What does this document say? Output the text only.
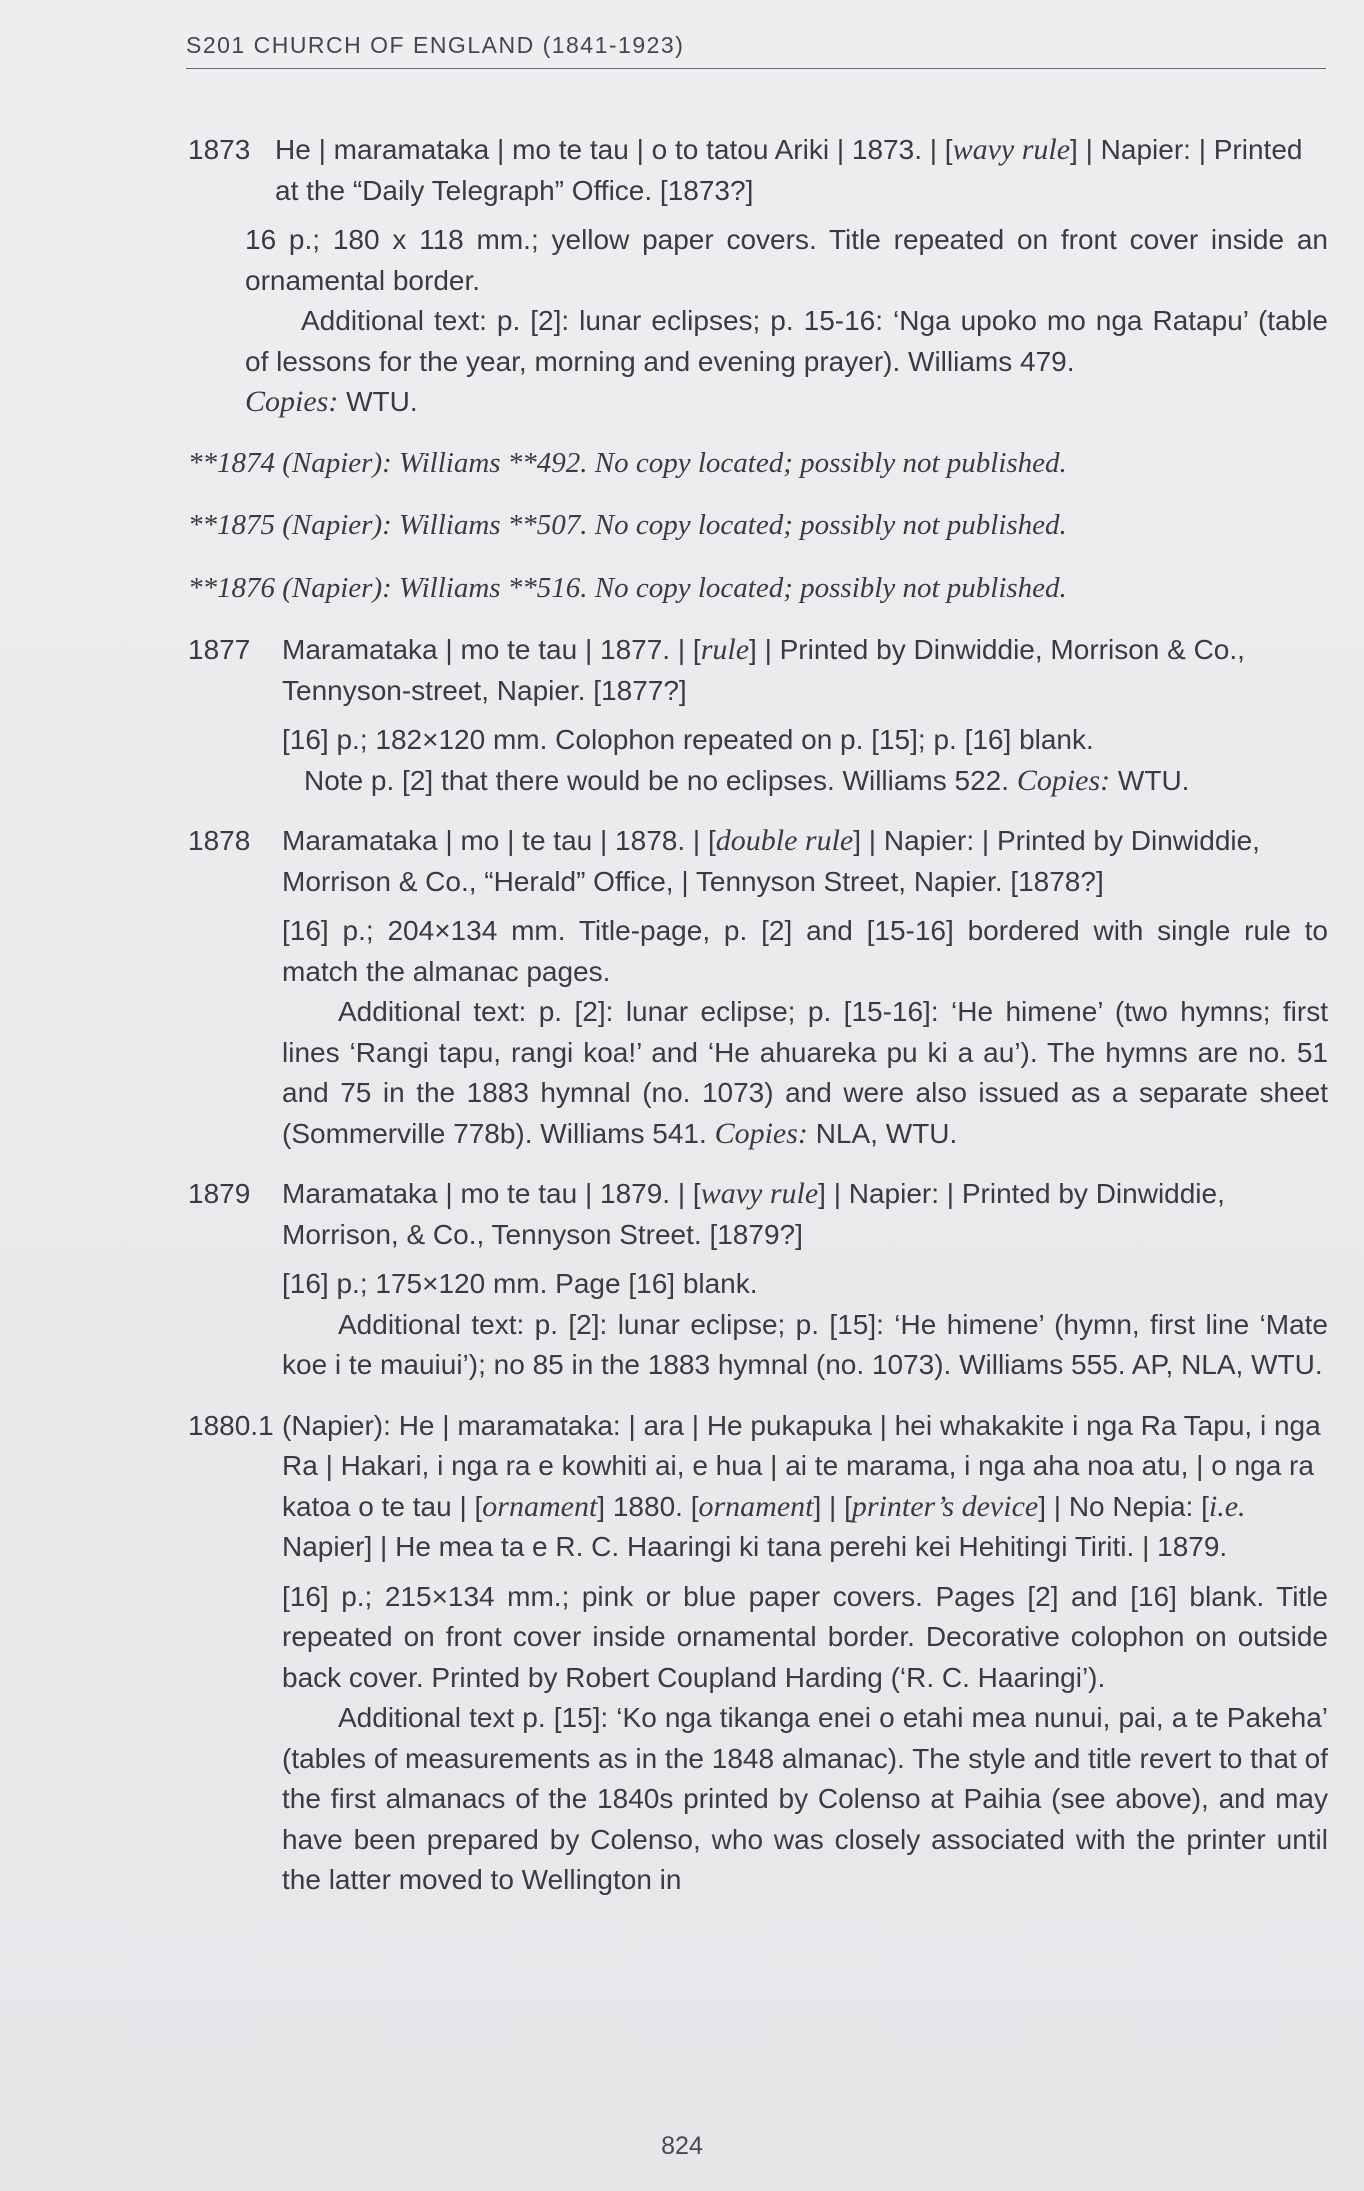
S201 CHURCH OF ENGLAND (1841-1923)
1873 He | maramataka | mo te tau | o to tatou Ariki | 1873. | [wavy rule] | Napier: | Printed at the “Daily Telegraph” Office. [1873?]

16 p.; 180 x 118 mm.; yellow paper covers. Title repeated on front cover inside an ornamental border.

Additional text: p. [2]: lunar eclipses; p. 15-16: ‘Nga upoko mo nga Ratapu’ (table of lessons for the year, morning and evening prayer). Williams 479.
Copies: WTU.

**1874 (Napier): Williams **492. No copy located; possibly not published.
**1875 (Napier): Williams **507. No copy located; possibly not published.
**1876 (Napier): Williams **516. No copy located; possibly not published.
1877 Maramataka | mo te tau | 1877. | [rule] | Printed by Dinwiddie, Morrison & Co., Tennyson-street, Napier. [1877?]

[16] p.; 182×120 mm. Colophon repeated on p. [15]; p. [16] blank.

Note p. [2] that there would be no eclipses. Williams 522. Copies: WTU.

1878 Maramataka | mo | te tau | 1878. | [double rule] | Napier: | Printed by Dinwiddie, Morrison & Co., “Herald” Office, | Tennyson Street, Napier. [1878?]

[16] p.; 204×134 mm. Title-page, p. [2] and [15-16] bordered with single rule to match the almanac pages.

Additional text: p. [2]: lunar eclipse; p. [15-16]: ‘He himene’ (two hymns; first lines ‘Rangi tapu, rangi koa!’ and ‘He ahuareka pu ki a au’). The hymns are no. 51 and 75 in the 1883 hymnal (no. 1073) and were also issued as a separate sheet (Sommerville 778b). Williams 541. Copies: NLA, WTU.

1879 Maramataka | mo te tau | 1879. | [wavy rule] | Napier: | Printed by Dinwiddie, Morrison, & Co., Tennyson Street. [1879?]

[16] p.; 175×120 mm. Page [16] blank.

Additional text: p. [2]: lunar eclipse; p. [15]: ‘He himene’ (hymn, first line ‘Mate koe i te mauiui’); no 85 in the 1883 hymnal (no. 1073). Williams 555. AP, NLA, WTU.

1880.1 (Napier): He | maramataka: | ara | He pukapuka | hei whakakite i nga Ra Tapu, i nga Ra | Hakari, i nga ra e kowhiti ai, e hua | ai te marama, i nga aha noa atu, | o nga ra katoa o te tau | [ornament] 1880. [ornament] | [printer’s device] | No Nepia: [i.e. Napier] | He mea ta e R. C. Haaringi ki tana perehi kei Hehitingi Tiriti. | 1879.

[16] p.; 215×134 mm.; pink or blue paper covers. Pages [2] and [16] blank. Title repeated on front cover inside ornamental border. Decorative colophon on outside back cover. Printed by Robert Coupland Harding (‘R. C. Haaringi’).

Additional text p. [15]: ‘Ko nga tikanga enei o etahi mea nunui, pai, a te Pakeha’ (tables of measurements as in the 1848 almanac). The style and title revert to that of the first almanacs of the 1840s printed by Colenso at Paihia (see above), and may have been prepared by Colenso, who was closely associated with the printer until the latter moved to Wellington in

824
